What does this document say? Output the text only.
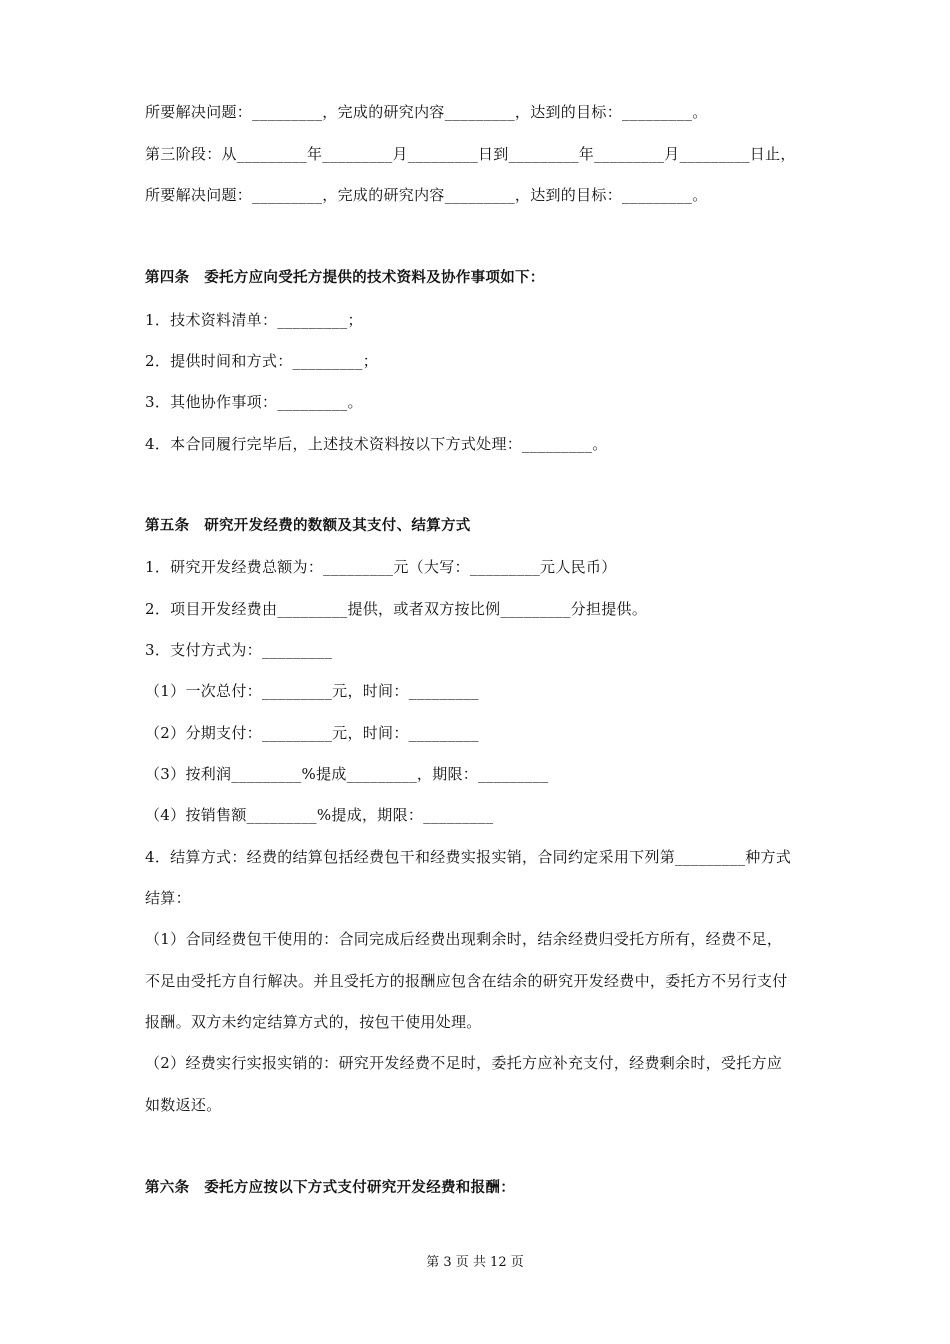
所要解决问题：_________，完成的研究内容_________，达到的目标：_________。
第三阶段：从_________年_________月_________日到_________年_________月_________日止，
所要解决问题：_________，完成的研究内容_________，达到的目标：_________。
第四条　委托方应向受托方提供的技术资料及协作事项如下：
1．技术资料清单：_________；
2．提供时间和方式：_________；
3．其他协作事项：_________。
4．本合同履行完毕后，上述技术资料按以下方式处理：_________。
第五条　研究开发经费的数额及其支付、结算方式
1．研究开发经费总额为：_________元（大写：_________元人民币）
2．项目开发经费由_________提供，或者双方按比例_________分担提供。
3．支付方式为：_________
（1）一次总付：_________元，时间：_________
（2）分期支付：_________元，时间：_________
（3）按利润_________%提成_________，期限：_________
（4）按销售额_________%提成，期限：_________
4．结算方式：经费的结算包括经费包干和经费实报实销，合同约定采用下列第_________种方式
结算：
（1）合同经费包干使用的：合同完成后经费出现剩余时，结余经费归受托方所有，经费不足，
不足由受托方自行解决。并且受托方的报酬应包含在结余的研究开发经费中，委托方不另行支付
报酬。双方未约定结算方式的，按包干使用处理。
（2）经费实行实报实销的：研究开发经费不足时，委托方应补充支付，经费剩余时，受托方应
如数返还。
第六条　委托方应按以下方式支付研究开发经费和报酬：
第 3 页 共 12 页
